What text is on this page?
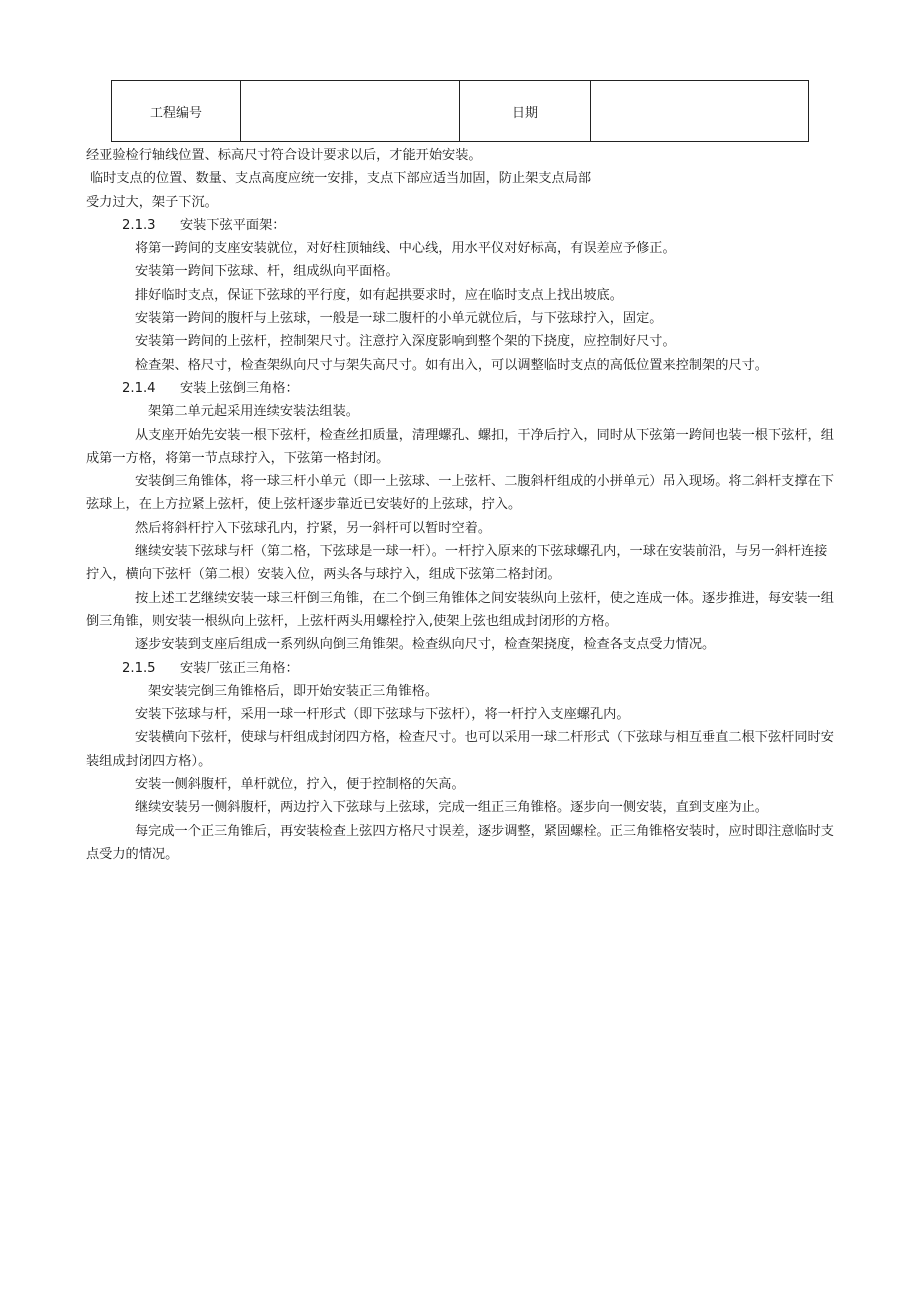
工程编号		日期	

经亚验检行轴线位置、标高尺寸符合设计要求以后，才能开始安装。

临时支点的位置、数量、支点高度应统一安排，支点下部应适当加固，防止架支点局部

受力过大，架子下沉。

2.1.3 安装下弦平面架：

将第一跨间的支座安装就位，对好柱顶轴线、中心线，用水平仪对好标高，有误差应予修正。

安装第一跨间下弦球、杆，组成纵向平面格。

排好临时支点，保证下弦球的平行度，如有起拱要求时，应在临时支点上找出坡底。

安装第一跨间的腹杆与上弦球，一般是一球二腹杆的小单元就位后，与下弦球拧入，固定。

安装第一跨间的上弦杆，控制架尺寸。注意拧入深度影响到整个架的下挠度，应控制好尺寸。

检查架、格尺寸，检查架纵向尺寸与架失高尺寸。如有出入，可以调整临时支点的高低位置来控制架的尺寸。

2.1.4 安装上弦倒三角格：

架第二单元起采用连续安装法组装。

从支座开始先安装一根下弦杆，检查丝扣质量，清理螺孔、螺扣，干净后拧入，同时从下弦第一跨间也装一根下弦杆，组成第一方格，将第一节点球拧入，下弦第一格封闭。

安装倒三角锥体，将一球三杆小单元（即一上弦球、一上弦杆、二腹斜杆组成的小拼单元）吊入现场。将二斜杆支撑在下弦球上，在上方拉紧上弦杆，使上弦杆逐步靠近已安装好的上弦球，拧入。

然后将斜杆拧入下弦球孔内，拧紧，另一斜杆可以暂时空着。

继续安装下弦球与杆（第二格，下弦球是一球一杆）。一杆拧入原来的下弦球螺孔内，一球在安装前沿，与另一斜杆连接拧入，横向下弦杆（第二根）安装入位，两头各与球拧入，组成下弦第二格封闭。

按上述工艺继续安装一球三杆倒三角锥，在二个倒三角锥体之间安装纵向上弦杆，使之连成一体。逐步推进，每安装一组倒三角锥，则安装一根纵向上弦杆，上弦杆两头用螺栓拧入,使架上弦也组成封闭形的方格。

逐步安装到支座后组成一系列纵向倒三角锥架。检查纵向尺寸，检查架挠度，检查各支点受力情况。

2.1.5 安装厂弦正三角格：

架安装完倒三角锥格后，即开始安装正三角锥格。

安装下弦球与杆，采用一球一杆形式（即下弦球与下弦杆），将一杆拧入支座螺孔内。

安装横向下弦杆，使球与杆组成封闭四方格，检查尺寸。也可以采用一球二杆形式（下弦球与相互垂直二根下弦杆同时安装组成封闭四方格）。

安装一侧斜腹杆，单杆就位，拧入，便于控制格的矢高。

继续安装另一侧斜腹杆，两边拧入下弦球与上弦球，完成一组正三角锥格。逐步向一侧安装，直到支座为止。

每完成一个正三角锥后，再安装检查上弦四方格尺寸误差，逐步调整，紧固螺栓。正三角锥格安装时，应时即注意临时支点受力的情况。
